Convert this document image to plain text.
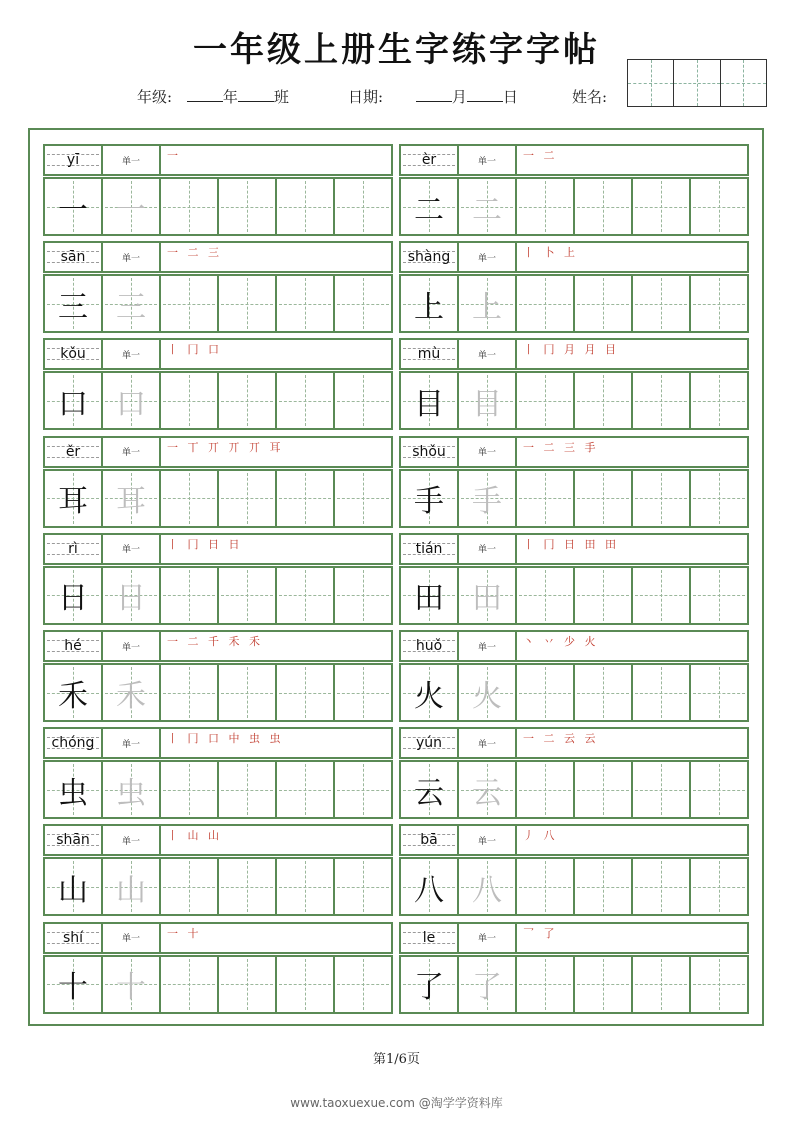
一年级上册生字练字字帖
年级:	年 班	日期:	月 日	姓名:
yī	单一	一
一 一
èr	单一	一 二
二 二
sān	单一	一 二 三
三 三
shàng	单一	丨 卜 上
上 上
kǒu	单一	丨 冂 口
口 口
mù	单一	丨 冂 月 月 目
目 目
ěr	单一	一 丅 丌 丌 丌 耳
耳 耳
shǒu	单一	一 二 三 手
手 手
rì	单一	丨 冂 日 日
日 日
tián	单一	丨 冂 日 田 田
田 田
hé	单一	一 二 千 禾 禾
禾 禾
huǒ	单一	丶 丷 少 火
火 火
chóng	单一	丨 冂 口 中 虫 虫
虫 虫
yún	单一	一 二 云 云
云 云
shān	单一	丨 山 山
山 山
bā	单一	丿 八
八 八
shí	单一	一 十
十 十
le	单一	乛 了
了 了
第1/6页
www.taoxuexue.com @淘学学资料库
